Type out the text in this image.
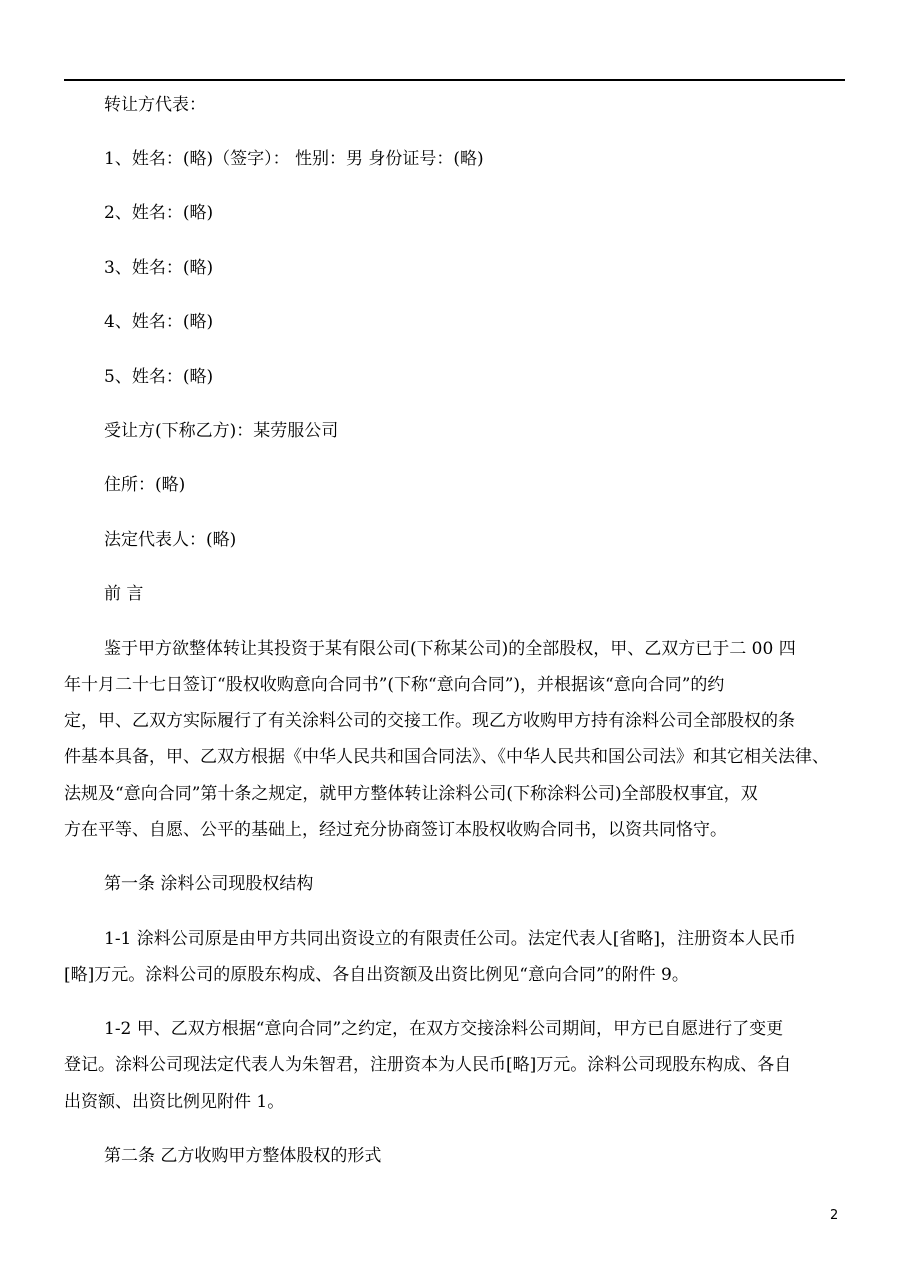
转让方代表：
1、姓名：(略)（签字）： 性别：男 身份证号：(略)
2、姓名：(略)
3、姓名：(略)
4、姓名：(略)
5、姓名：(略)
受让方(下称乙方)：某劳服公司
住所：(略)
法定代表人：(略)
前 言
鉴于甲方欲整体转让其投资于某有限公司(下称某公司)的全部股权，甲、乙双方已于二 00 四
年十月二十七日签订“股权收购意向合同书”(下称“意向合同”)，并根据该“意向合同”的约
定，甲、乙双方实际履行了有关涂料公司的交接工作。现乙方收购甲方持有涂料公司全部股权的条
件基本具备，甲、乙双方根据《中华人民共和国合同法》、《中华人民共和国公司法》和其它相关法律、
法规及“意向合同”第十条之规定，就甲方整体转让涂料公司(下称涂料公司)全部股权事宜，双
方在平等、自愿、公平的基础上，经过充分协商签订本股权收购合同书，以资共同恪守。
第一条 涂料公司现股权结构
1-1 涂料公司原是由甲方共同出资设立的有限责任公司。法定代表人[省略]，注册资本人民币
[略]万元。涂料公司的原股东构成、各自出资额及出资比例见“意向合同”的附件 9。
1-2 甲、乙双方根据“意向合同”之约定，在双方交接涂料公司期间，甲方已自愿进行了变更
登记。涂料公司现法定代表人为朱智君，注册资本为人民币[略]万元。涂料公司现股东构成、各自
出资额、出资比例见附件 1。
第二条 乙方收购甲方整体股权的形式
2
